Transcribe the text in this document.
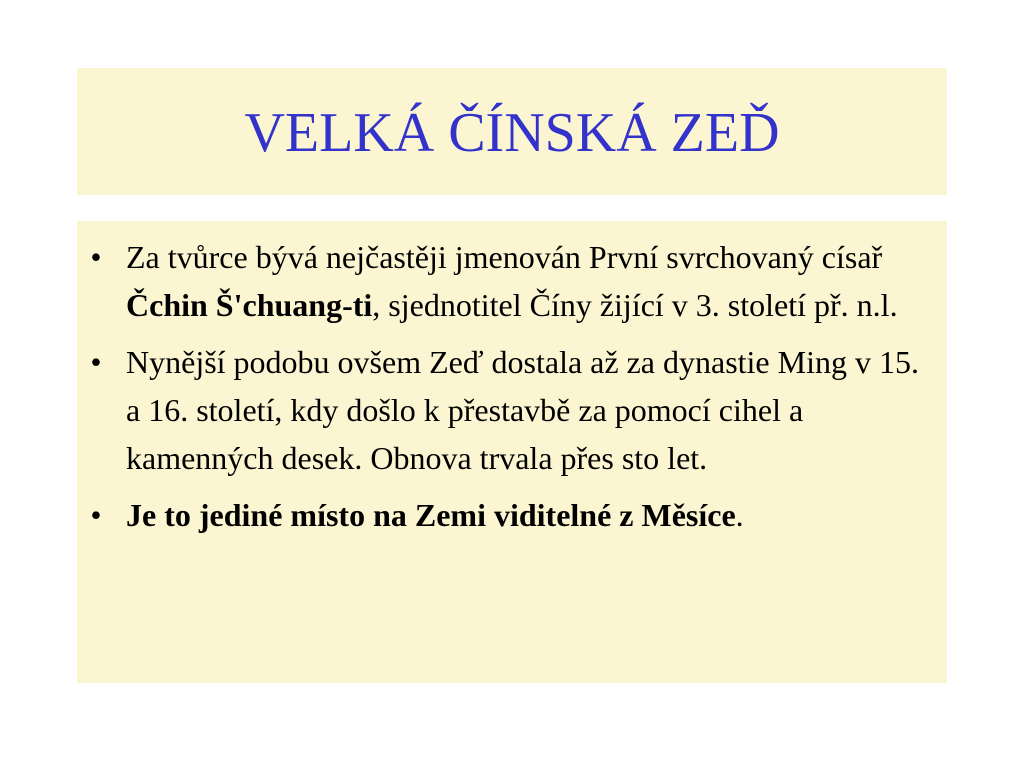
VELKÁ ČÍNSKÁ ZEĎ
• Za tvůrce bývá nejčastěji jmenován První svrchovaný císař Čchin Š'chuang-ti, sjednotitel Číny žijící v 3. století př. n.l.
• Nynější podobu ovšem Zeď dostala až za dynastie Ming v 15. a 16. století, kdy došlo k přestavbě za pomocí cihel a kamenných desek. Obnova trvala přes sto let.
• Je to jediné místo na Zemi viditelné z Měsíce.
